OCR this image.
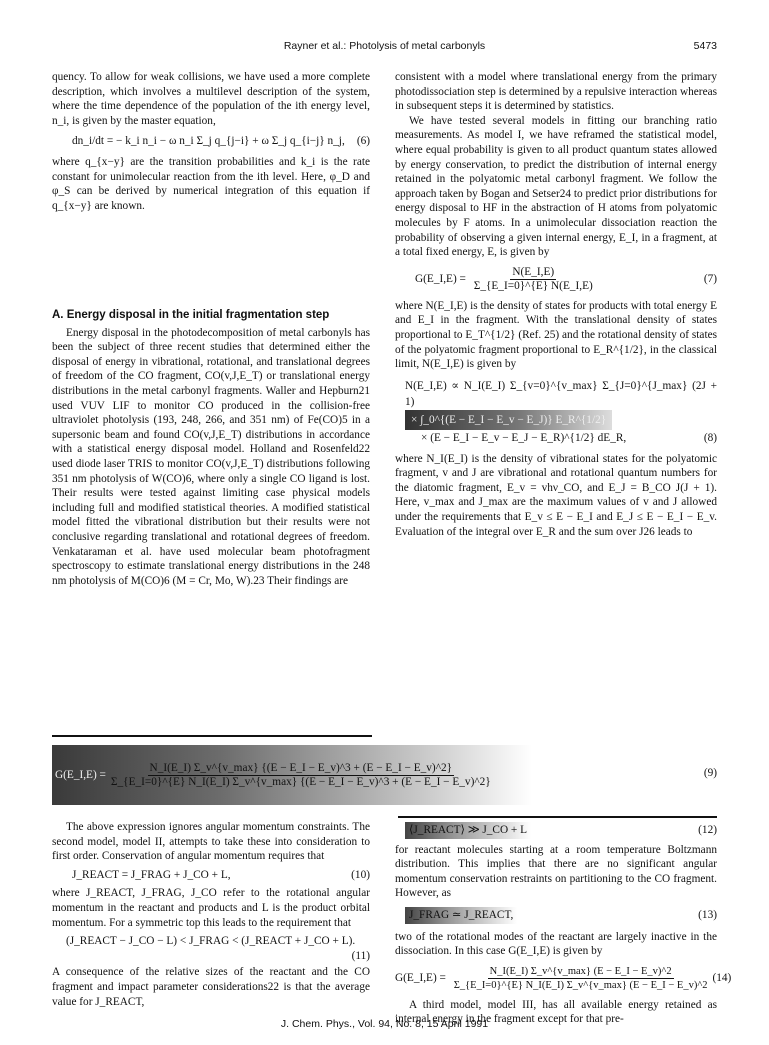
Rayner et al.: Photolysis of metal carbonyls	5473

quency. To allow for weak collisions, we have used a more complete description, which involves a multilevel description of the system, where the time dependence of the population of the ith energy level, n_i, is given by the master equation,

dn_i/dt = − k_i n_i − ω n_i Σ_j q_{j−i} + ω Σ_j q_{i−j} n_j,	(6)

where q_{x−y} are the transition probabilities and k_i is the rate constant for unimolecular reaction from the ith level. Here, φ_D and φ_S can be derived by numerical integration of this equation if q_{x−y} are known.

A. Energy disposal in the initial fragmentation step

Energy disposal in the photodecomposition of metal carbonyls has been the subject of three recent studies that determined either the disposal of energy in vibrational, rotational, and translational degrees of freedom of the CO fragment, CO(v,J,E_T) or translational energy distributions in the metal carbonyl fragments. Waller and Hepburn21 used VUV LIF to monitor CO produced in the collision-free ultraviolet photolysis (193, 248, 266, and 351 nm) of Fe(CO)5 in a supersonic beam and found CO(v,J,E_T) distributions in accordance with a statistical energy disposal model. Holland and Rosenfeld22 used diode laser TRIS to monitor CO(v,J,E_T) distributions following 351 nm photolysis of W(CO)6, where only a single CO ligand is lost. Their results were tested against limiting case physical models including full and modified statistical theories. A modified statistical model fitted the vibrational distribution but their results were not conclusive regarding translational and rotational degrees of freedom. Venkataraman et al. have used molecular beam photofragment spectroscopy to estimate translational energy distributions in the 248 nm photolysis of M(CO)6 (M = Cr, Mo, W).23 Their findings are

consistent with a model where translational energy from the primary photodissociation step is determined by a repulsive interaction whereas in subsequent steps it is determined by statistics.

We have tested several models in fitting our branching ratio measurements. As model I, we have reframed the statistical model, where equal probability is given to all product quantum states allowed by energy conservation, to predict the distribution of internal energy retained in the polyatomic metal carbonyl fragment. We follow the approach taken by Bogan and Setser24 to predict prior distributions for energy disposal to HF in the abstraction of H atoms from polyatomic molecules by F atoms. In a unimolecular dissociation reaction the probability of observing a given internal energy, E_I, in a fragment, at a total fixed energy, E, is given by

G(E_I,E) = $\frac{N(E\_I,E)}{\Sigma\_\{E\_I=0\}\^{}\{E\} N(E\_I,E)}$	(7)

where N(E_I,E) is the density of states for products with total energy E and E_I in the fragment. With the translational density of states proportional to E_T^{1/2} (Ref. 25) and the rotational density of states of the polyatomic fragment proportional to E_R^{1/2}, in the classical limit, N(E_I,E) is given by

N(E_I,E) ∝ N_I(E_I) Σ_{v=0}^{v_max} Σ_{J=0}^{J_max} (2J + 1)
× ∫_0^{(E − E_I − E_v − E_J)} E_R^{1/2}
× (E − E_I − E_v − E_J − E_R)^{1/2} dE_R,	(8)

where N_I(E_I) is the density of vibrational states for the polyatomic fragment, v and J are vibrational and rotational quantum numbers for the diatomic fragment, E_v = vhν_CO, and E_J = B_CO J(J + 1). Here, v_max and J_max are the maximum values of v and J allowed under the requirements that E_v ≤ E − E_I and E_J ≤ E − E_I − E_v. Evaluation of the integral over E_R and the sum over J26 leads to

G(E_I,E) =
N_I(E_I) Σ_v^{v_max} {(E − E_I − E_v)^3 + (E − E_I − E_v)^2}
Σ_{E_I=0}^{E} N_I(E_I) Σ_v^{v_max} {(E − E_I − E_v)^3 + (E − E_I − E_v)^2}
(9)

The above expression ignores angular momentum constraints. The second model, model II, attempts to take these into consideration to first order. Conservation of angular momentum requires that

J_REACT = J_FRAG + J_CO + L,	(10)

where J_REACT, J_FRAG, J_CO refer to the rotational angular momentum in the reactant and products and L is the product orbital momentum. For a symmetric top this leads to the requirement that

(J_REACT − J_CO − L) < J_FRAG < (J_REACT + J_CO + L).
(11)

A consequence of the relative sizes of the reactant and the CO fragment and impact parameter considerations22 is that the average value for J_REACT,

⟨J_REACT⟩ ≫ J_CO + L	(12)

for reactant molecules starting at a room temperature Boltzmann distribution. This implies that there are no significant angular momentum conservation restraints on partitioning to the CO fragment. However, as

J_FRAG ≃ J_REACT,	(13)

two of the rotational modes of the reactant are largely inactive in the dissociation. In this case G(E_I,E) is given by

G(E_I,E) = $\frac{N\_I(E\_I) \Sigma\_v\^{}\{v\_\max\} (E - E\_I - E\_v)\^{}2}{\Sigma\_\{E\_I=0\}\^{}\{E\} N\_I(E\_I) \Sigma\_v\^{}\{v\_\max\} (E - E\_I - E\_v)\^{}2} (14)$

A third model, model III, has all available energy retained as internal energy in the fragment except for that pre-

J. Chem. Phys., Vol. 94, No. 8, 15 April 1991
